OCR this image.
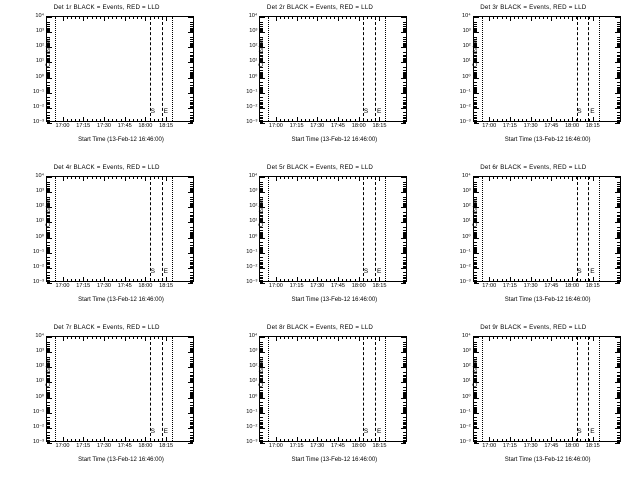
Det 1r BLACK = Events, RED = LLD
10⁴
10³
10²
10¹
10⁰
10⁻¹
10⁻²
10⁻³
17:00 17:15 17:30 17:45 18:00 18:15
S E
Counts/sec
Start Time (13-Feb-12 16:46:00)
Det 2r BLACK = Events, RED = LLD
10⁴
10³
10²
10¹
10⁰
10⁻¹
10⁻²
10⁻³
17:00 17:15 17:30 17:45 18:00 18:15
S E
Counts/sec
Start Time (13-Feb-12 16:46:00)
Det 3r BLACK = Events, RED = LLD
10⁴
10³
10²
10¹
10⁰
10⁻¹
10⁻²
10⁻³
17:00 17:15 17:30 17:45 18:00 18:15
S E
Counts/sec
Start Time (13-Feb-12 16:46:00)
Det 4r BLACK = Events, RED = LLD
10⁴
10³
10²
10¹
10⁰
10⁻¹
10⁻²
10⁻³
17:00 17:15 17:30 17:45 18:00 18:15
S E
Counts/sec
Start Time (13-Feb-12 16:46:00)
Det 5r BLACK = Events, RED = LLD
10⁴
10³
10²
10¹
10⁰
10⁻¹
10⁻²
10⁻³
17:00 17:15 17:30 17:45 18:00 18:15
S E
Counts/sec
Start Time (13-Feb-12 16:46:00)
Det 6r BLACK = Events, RED = LLD
10⁴
10³
10²
10¹
10⁰
10⁻¹
10⁻²
10⁻³
17:00 17:15 17:30 17:45 18:00 18:15
S E
Counts/sec
Start Time (13-Feb-12 16:46:00)
Det 7r BLACK = Events, RED = LLD
10⁴
10³
10²
10¹
10⁰
10⁻¹
10⁻²
10⁻³
17:00 17:15 17:30 17:45 18:00 18:15
S E
Counts/sec
Start Time (13-Feb-12 16:46:00)
Det 8r BLACK = Events, RED = LLD
10⁴
10³
10²
10¹
10⁰
10⁻¹
10⁻²
10⁻³
17:00 17:15 17:30 17:45 18:00 18:15
S E
Counts/sec
Start Time (13-Feb-12 16:46:00)
Det 9r BLACK = Events, RED = LLD
10⁴
10³
10²
10¹
10⁰
10⁻¹
10⁻²
10⁻³
17:00 17:15 17:30 17:45 18:00 18:15
S E
Counts/sec
Start Time (13-Feb-12 16:46:00)
